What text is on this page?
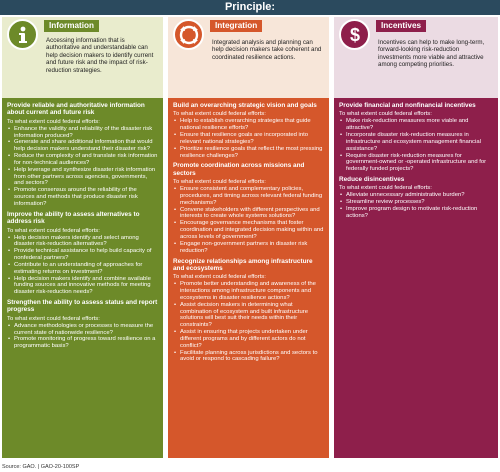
Principle:
Information
Accessing information that is authoritative and understandable can help decision makers to identify current and future risk and the impact of risk-reduction strategies.
Provide reliable and authoritative information about current and future risk
To what extent could federal efforts:
• Enhance the validity and reliability of the disaster risk information produced?
• Generate and share additional information that would help decision makers understand their disaster risk?
• Reduce the complexity of and translate risk information for non-technical audiences?
• Help leverage and synthesize disaster risk information from other partners across agencies, governments, and sectors?
• Promote consensus around the reliability of the sources and methods that produce disaster risk information?
Improve the ability to assess alternatives to address risk
To what extent could federal efforts:
• Help decision makers identify and select among disaster risk-reduction alternatives?
• Provide technical assistance to help build capacity of nonfederal partners?
• Contribute to an understanding of approaches for estimating returns on investment?
• Help decision makers identify and combine available funding sources and innovative methods for meeting disaster risk-reduction needs?
Strengthen the ability to assess status and report progress
To what extent could federal efforts:
• Advance methodologies or processes to measure the current state of nationwide resilience?
• Promote monitoring of progress toward resilience on a programmatic basis?
Integration
Integrated analysis and planning can help decision makers take coherent and coordinated resilience actions.
Build an overarching strategic vision and goals
To what extent could federal efforts:
• Help to establish overarching strategies that guide national resilience efforts?
• Ensure that resilience goals are incorporated into relevant national strategies?
• Prioritize resilience goals that reflect the most pressing resilience challenges?
Promote coordination across missions and sectors
To what extent could federal efforts:
• Ensure consistent and complementary policies, procedures, and timing across relevant federal funding mechanisms?
• Convene stakeholders with different perspectives and interests to create whole systems solutions?
• Encourage governance mechanisms that foster coordination and integrated decision making within and across levels of government?
• Engage non-government partners in disaster risk reduction?
Recognize relationships among infrastructure and ecosystems
To what extent could federal efforts:
• Promote better understanding and awareness of the interactions among infrastructure components and ecosystems in disaster resilience actions?
• Assist decision makers in determining what combination of ecosystem and built infrastructure solutions will best suit their needs within their constraints?
• Assist in ensuring that projects undertaken under different programs and by different actors do not conflict?
• Facilitate planning across jurisdictions and sectors to avoid or respond to cascading failure?
$	Incentives
Incentives can help to make long-term, forward-looking risk-reduction investments more viable and attractive among competing priorities.
Provide financial and nonfinancial incentives
To what extent could federal efforts:
• Make risk-reduction measures more viable and attractive?
• Incorporate disaster risk-reduction measures in infrastructure and ecosystem management financial assistance?
• Require disaster risk-reduction measures for government-owned or -operated infrastructure and for federally funded projects?
Reduce disincentives
To what extent could federal efforts:
• Alleviate unnecessary administrative burden?
• Streamline review processes?
• Improve program design to motivate risk-reduction actions?
Source: GAO. | GAO-20-100SP
